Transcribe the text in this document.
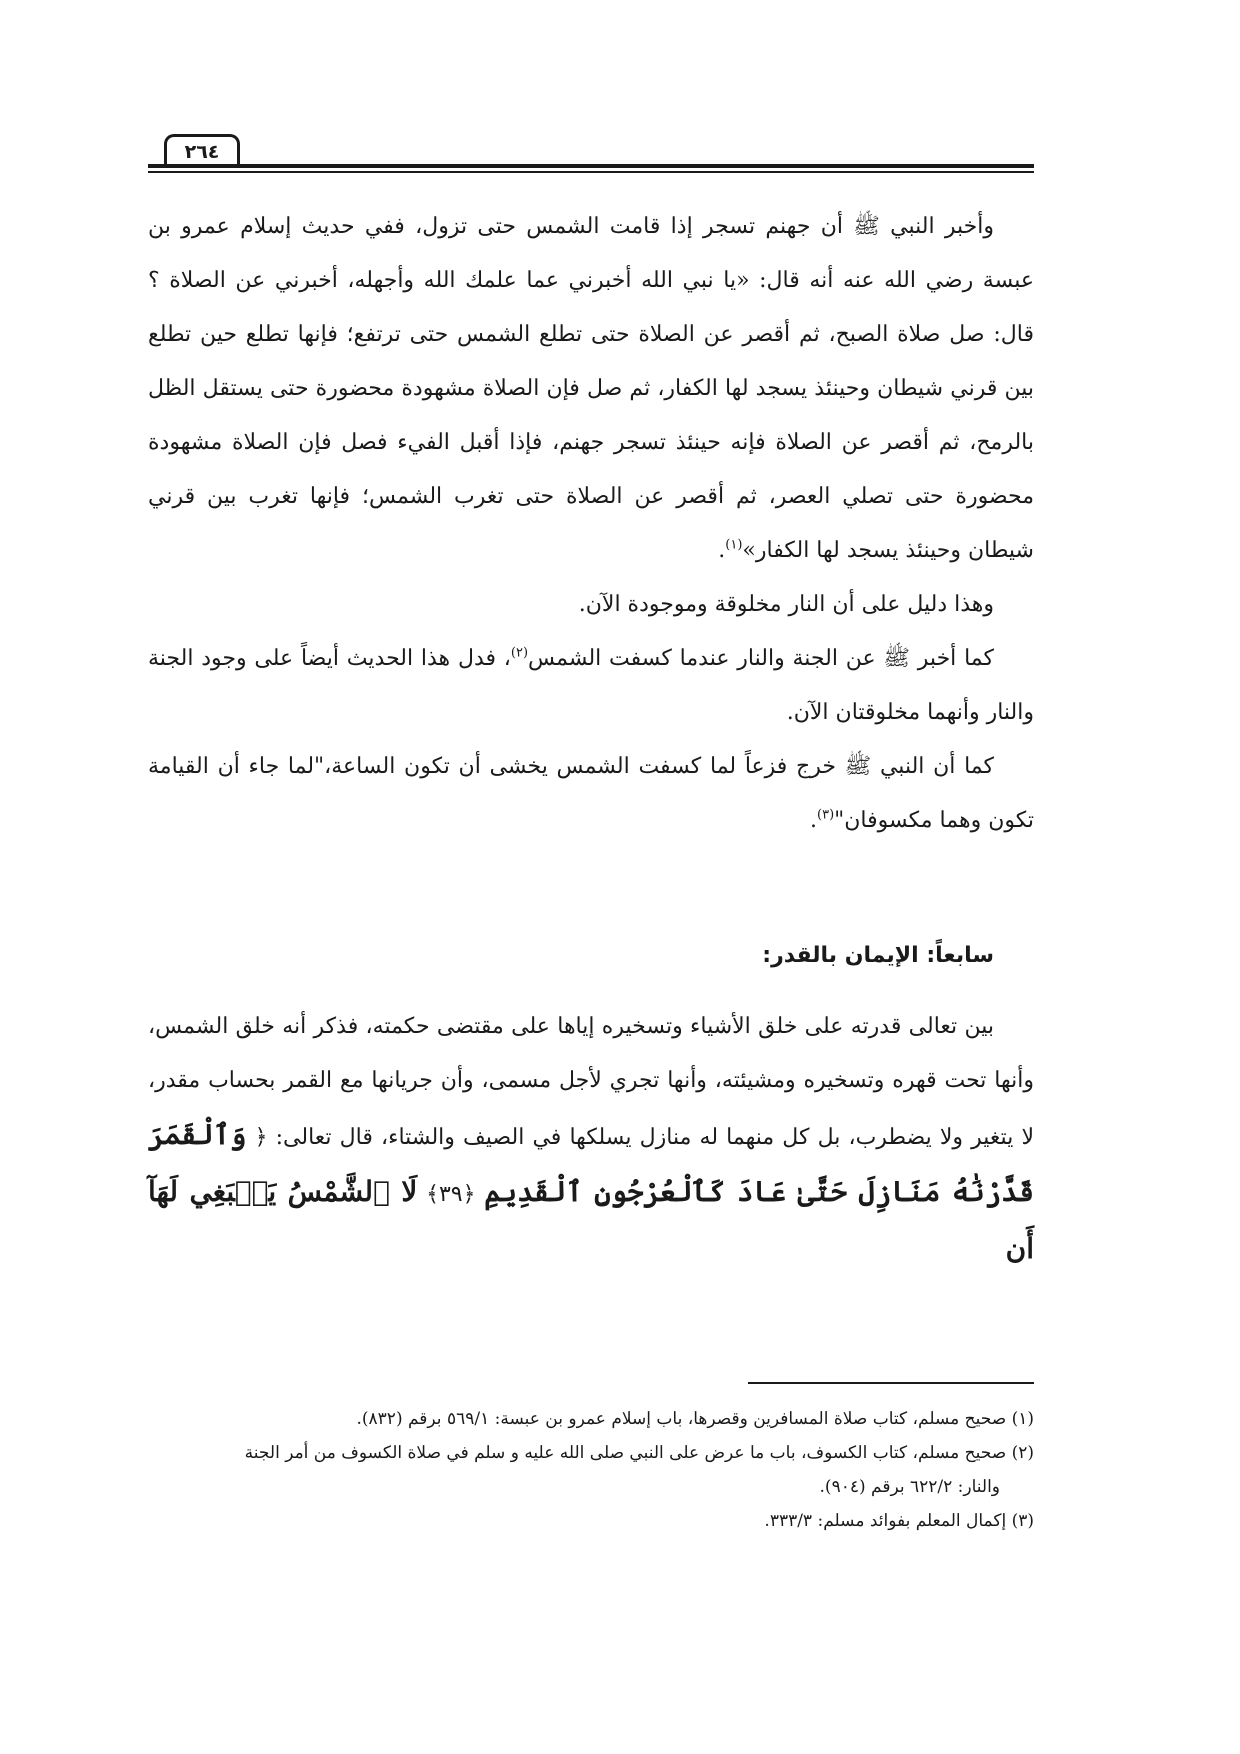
٢٦٤

وأخبر النبي ﷺ أن جهنم تسجر إذا قامت الشمس حتى تزول، ففي حديث إسلام عمرو بن عبسة رضي الله عنه أنه قال: «يا نبي الله أخبرني عما علمك الله وأجهله، أخبرني عن الصلاة ؟ قال: صل صلاة الصبح، ثم أقصر عن الصلاة حتى تطلع الشمس حتى ترتفع؛ فإنها تطلع حين تطلع بين قرني شيطان وحينئذ يسجد لها الكفار، ثم صل فإن الصلاة مشهودة محضورة حتى يستقل الظل بالرمح، ثم أقصر عن الصلاة فإنه حينئذ تسجر جهنم، فإذا أقبل الفيء فصل فإن الصلاة مشهودة محضورة حتى تصلي العصر، ثم أقصر عن الصلاة حتى تغرب الشمس؛ فإنها تغرب بين قرني شيطان وحينئذ يسجد لها الكفار»$^{(١)}$.

وهذا دليل على أن النار مخلوقة وموجودة الآن.

كما أخبر ﷺ عن الجنة والنار عندما كسفت الشمس$^{(٢)}$، فدل هذا الحديث أيضاً على وجود الجنة والنار وأنهما مخلوقتان الآن.

كما أن النبي ﷺ خرج فزعاً لما كسفت الشمس يخشى أن تكون الساعة،"لما جاء أن القيامة تكون وهما مكسوفان"$^{(٣)}$.

سابعاً: الإيمان بالقدر:

بين تعالى قدرته على خلق الأشياء وتسخيره إياها على مقتضى حكمته، فذكر أنه خلق الشمس، وأنها تحت قهره وتسخيره ومشيئته، وأنها تجري لأجل مسمى، وأن جريانها مع القمر بحساب مقدر، لا يتغير ولا يضطرب، بل كل منهما له منازل يسلكها في الصيف والشتاء، قال تعالى: ﴿ وَٱلْقَمَرَ قَدَّرْنَٰهُ مَنَازِلَ حَتَّىٰ عَادَ كَٱلْعُرْجُونِ ٱلْقَدِيمِ ﴿٣٩﴾ لَا ٱلشَّمْسُ يَنۢبَغِي لَهَآ أَن

(١) صحيح مسلم، كتاب صلاة المسافرين وقصرها، باب إسلام عمرو بن عبسة: ٥٦٩/١ برقم (٨٣٢).

(٢) صحيح مسلم، كتاب الكسوف، باب ما عرض على النبي صلى الله عليه و سلم في صلاة الكسوف من أمر الجنة

والنار: ٦٢٢/٢ برقم (٩٠٤).

(٣) إكمال المعلم بفوائد مسلم: ٣٣٣/٣.
